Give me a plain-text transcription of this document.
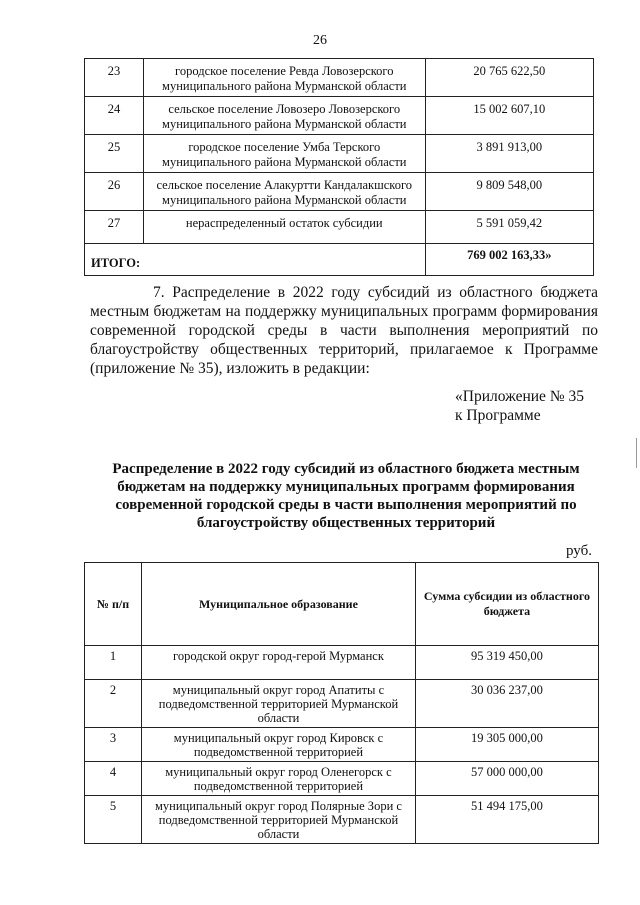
26
23	городское поселение Ревда Ловозерского муниципального района Мурманской области	20 765 622,50
24	сельское поселение Ловозеро Ловозерского муниципального района Мурманской области	15 002 607,10
25	городское поселение Умба Терского муниципального района Мурманской области	3 891 913,00
26	сельское поселение Алакуртти Кандалакшского муниципального района Мурманской области	9 809 548,00
27	нераспределенный остаток субсидии	5 591 059,42
ИТОГО:		769 002 163,33»
7. Распределение в 2022 году субсидий из областного бюджета местным бюджетам на поддержку муниципальных программ формирования современной городской среды в части выполнения мероприятий по благоустройству общественных территорий, прилагаемое к Программе (приложение № 35), изложить в редакции:
«Приложение № 35
к Программе
Распределение в 2022 году субсидий из областного бюджета местным бюджетам на поддержку муниципальных программ формирования современной городской среды в части выполнения мероприятий по благоустройству общественных территорий
руб.
№ п/п	Муниципальное образование	Сумма субсидии из областного бюджета
1	городской округ город-герой Мурманск	95 319 450,00
2	муниципальный округ город Апатиты с подведомственной территорией Мурманской области	30 036 237,00
3	муниципальный округ город Кировск с подведомственной территорией	19 305 000,00
4	муниципальный округ город Оленегорск с подведомственной территорией	57 000 000,00
5	муниципальный округ город Полярные Зори с подведомственной территорией Мурманской области	51 494 175,00
